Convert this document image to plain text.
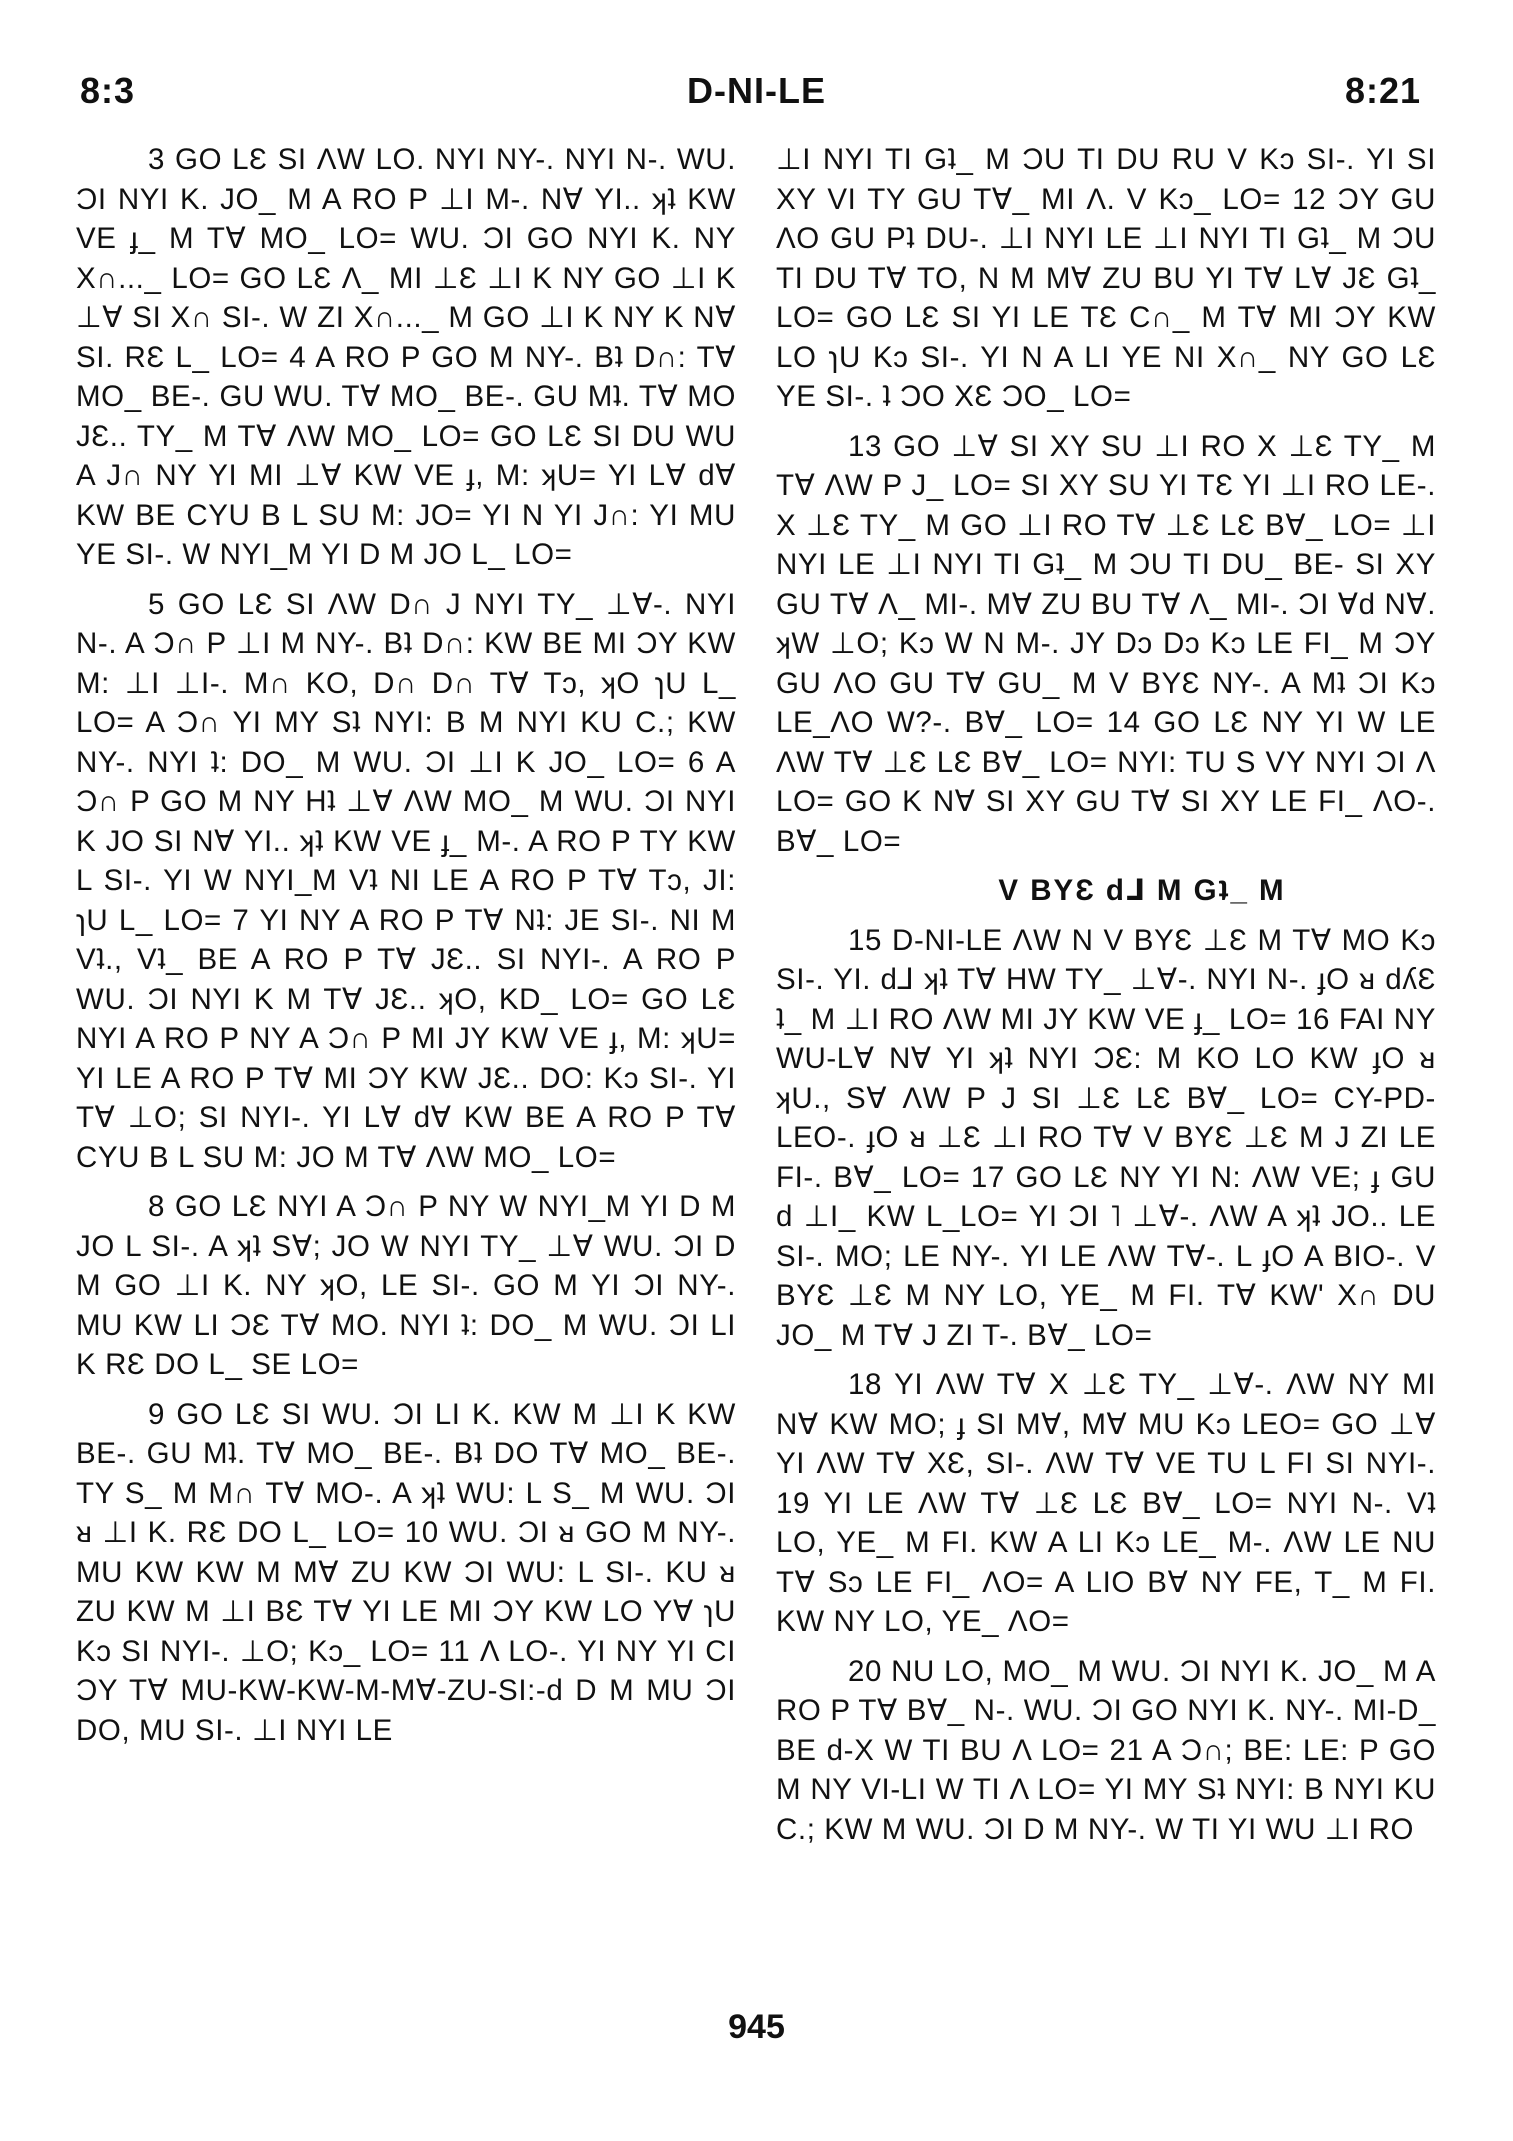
8:3	D-NI-LE	8:21

3 GO LƐ SI ΛW LO. NYI NY-. NYI N-. WU. ƆI NYI K. JO_ M A RO P ⊥I M-. N∀ YI.. ʞʇ KW VE ɟ_ M T∀ MO_ LO= WU. ƆI GO NYI K. NY X∩..._ LO= GO LƐ Λ_ MI ⊥Ɛ ⊥I K NY GO ⊥I K ⊥∀ SI X∩ SI-. W ZI X∩..._ M GO ⊥I K NY K N∀ SI. RƐ L_ LO= 4 A RO P GO M NY-. Bʇ D∩: T∀ MO_ BE-. GU WU. T∀ MO_ BE-. GU Mʇ. T∀ MO JƐ.. TY_ M T∀ ΛW MO_ LO= GO LƐ SI DU WU A J∩ NY YI MI ⊥∀ KW VE ɟ, M: ʞU= YI L∀ d∀ KW BE CYU B L SU M: JO= YI N YI J∩: YI MU YE SI-. W NYI_M YI D M JO L_ LO=

5 GO LƐ SI ΛW D∩ J NYI TY_ ⊥∀-. NYI N-. A Ɔ∩ P ⊥I M NY-. Bʇ D∩: KW BE MI ƆY KW M: ⊥I ⊥I-. M∩ KO, D∩ D∩ T∀ Tɔ, ʞO ɿU L_ LO= A Ɔ∩ YI MY Sʇ NYI: B M NYI KU C.; KW NY-. NYI ʇ: DO_ M WU. ƆI ⊥I K JO_ LO= 6 A Ɔ∩ P GO M NY Hʇ ⊥∀ ΛW MO_ M WU. ƆI NYI K JO SI N∀ YI.. ʞʇ KW VE ɟ_ M-. A RO P TY KW L SI-. YI W NYI_M Vʇ NI LE A RO P T∀ Tɔ, JI: ɿU L_ LO= 7 YI NY A RO P T∀ Nʇ: JE SI-. NI M Vʇ., Vʇ_ BE A RO P T∀ JƐ.. SI NYI-. A RO P WU. ƆI NYI K M T∀ JƐ.. ʞO, KD_ LO= GO LƐ NYI A RO P NY A Ɔ∩ P MI JY KW VE ɟ, M: ʞU= YI LE A RO P T∀ MI ƆY KW JƐ.. DO: Kɔ SI-. YI T∀ ⊥O; SI NYI-. YI L∀ d∀ KW BE A RO P T∀ CYU B L SU M: JO M T∀ ΛW MO_ LO=

8 GO LƐ NYI A Ɔ∩ P NY W NYI_M YI D M JO L SI-. A ʞʇ S∀; JO W NYI TY_ ⊥∀ WU. ƆI D M GO ⊥I K. NY ʞO, LE SI-. GO M YI ƆI NY-. MU KW LI ƆƐ T∀ MO. NYI ʇ: DO_ M WU. ƆI LI K RƐ DO L_ SE LO=

9 GO LƐ SI WU. ƆI LI K. KW M ⊥I K KW BE-. GU Mʇ. T∀ MO_ BE-. Bʇ DO T∀ MO_ BE-. TY S_ M M∩ T∀ MO-. A ʞʇ WU: L S_ M WU. ƆI ᴚ ⊥I K. RƐ DO L_ LO= 10 WU. ƆI ᴚ GO M NY-. MU KW KW M M∀ ZU KW ƆI WU: L SI-. KU ᴚ ZU KW M ⊥I BƐ T∀ YI LE MI ƆY KW LO Y∀ ɿU Kɔ SI NYI-. ⊥O; Kɔ_ LO= 11 Λ LO-. YI NY YI CI ƆY T∀ MU-KW-KW-M-M∀-ZU-SI:-d D M MU ƆI DO, MU SI-. ⊥I NYI LE

⊥I NYI TI Gʇ_ M ƆU TI DU RU V Kɔ SI-. YI SI XY VI TY GU T∀_ MI Λ. V Kɔ_ LO= 12 ƆY GU ΛO GU Pʇ DU-. ⊥I NYI LE ⊥I NYI TI Gʇ_ M ƆU TI DU T∀ TO, N M M∀ ZU BU YI T∀ L∀ JƐ Gʇ_ LO= GO LƐ SI YI LE TƐ C∩_ M T∀ MI ƆY KW LO ɿU Kɔ SI-. YI N A LI YE NI X∩_ NY GO LƐ YE SI-. ʇ ƆO XƐ ƆO_ LO=

13 GO ⊥∀ SI XY SU ⊥I RO X ⊥Ɛ TY_ M T∀ ΛW P J_ LO= SI XY SU YI TƐ YI ⊥I RO LE-. X ⊥Ɛ TY_ M GO ⊥I RO T∀ ⊥Ɛ LƐ B∀_ LO= ⊥I NYI LE ⊥I NYI TI Gʇ_ M ƆU TI DU_ BE- SI XY GU T∀ Λ_ MI-. M∀ ZU BU T∀ Λ_ MI-. ƆI ∀d N∀. ʞW ⊥O; Kɔ W N M-. JY Dɔ Dɔ Kɔ LE FI_ M ƆY GU ΛO GU T∀ GU_ M V BYƐ NY-. A Mʇ ƆI Kɔ LE_ΛO W?-. B∀_ LO= 14 GO LƐ NY YI W LE ΛW T∀ ⊥Ɛ LƐ B∀_ LO= NYI: TU S VY NYI ƆI Λ LO= GO K N∀ SI XY GU T∀ SI XY LE FI_ ΛO-. B∀_ LO=

V BYƐ d⅃ M Gʇ_ M

15 D-NI-LE ΛW N V BYƐ ⊥Ɛ M T∀ MO Kɔ SI-. YI. d⅃ ʞʇ T∀ HW TY_ ⊥∀-. NYI N-. ɟO ᴚ dʎƐ ʇ_ M ⊥I RO ΛW MI JY KW VE ɟ_ LO= 16 FAI NY WU-L∀ N∀ YI ʞʇ NYI ƆƐ: M KO LO KW ɟO ᴚ ʞU., S∀ ΛW P J SI ⊥Ɛ LƐ B∀_ LO= CY-PD-LEO-. ɟO ᴚ ⊥Ɛ ⊥I RO T∀ V BYƐ ⊥Ɛ M J ZI LE FI-. B∀_ LO= 17 GO LƐ NY YI N: ΛW VE; ɟ GU d ⊥I_ KW L_LO= YI ƆI ˥ ⊥∀-. ΛW A ʞʇ JO.. LE SI-. MO; LE NY-. YI LE ΛW T∀-. L ɟO A BIO-. V BYƐ ⊥Ɛ M NY LO, YE_ M FI. T∀ KW' X∩ DU JO_ M T∀ J ZI T-. B∀_ LO=

18 YI ΛW T∀ X ⊥Ɛ TY_ ⊥∀-. ΛW NY MI N∀ KW MO; ɟ SI M∀, M∀ MU Kɔ LEO= GO ⊥∀ YI ΛW T∀ XƐ, SI-. ΛW T∀ VE TU L FI SI NYI-. 19 YI LE ΛW T∀ ⊥Ɛ LƐ B∀_ LO= NYI N-. Vʇ LO, YE_ M FI. KW A LI Kɔ LE_ M-. ΛW LE NU T∀ Sɔ LE FI_ ΛO= A LIO B∀ NY FE, T_ M FI. KW NY LO, YE_ ΛO=

20 NU LO, MO_ M WU. ƆI NYI K. JO_ M A RO P T∀ B∀_ N-. WU. ƆI GO NYI K. NY-. MI-D_ BE d-X W TI BU Λ LO= 21 A Ɔ∩; BE: LE: P GO M NY VI-LI W TI Λ LO= YI MY Sʇ NYI: B NYI KU C.; KW M WU. ƆI D M NY-. W TI YI WU ⊥I RO

945
